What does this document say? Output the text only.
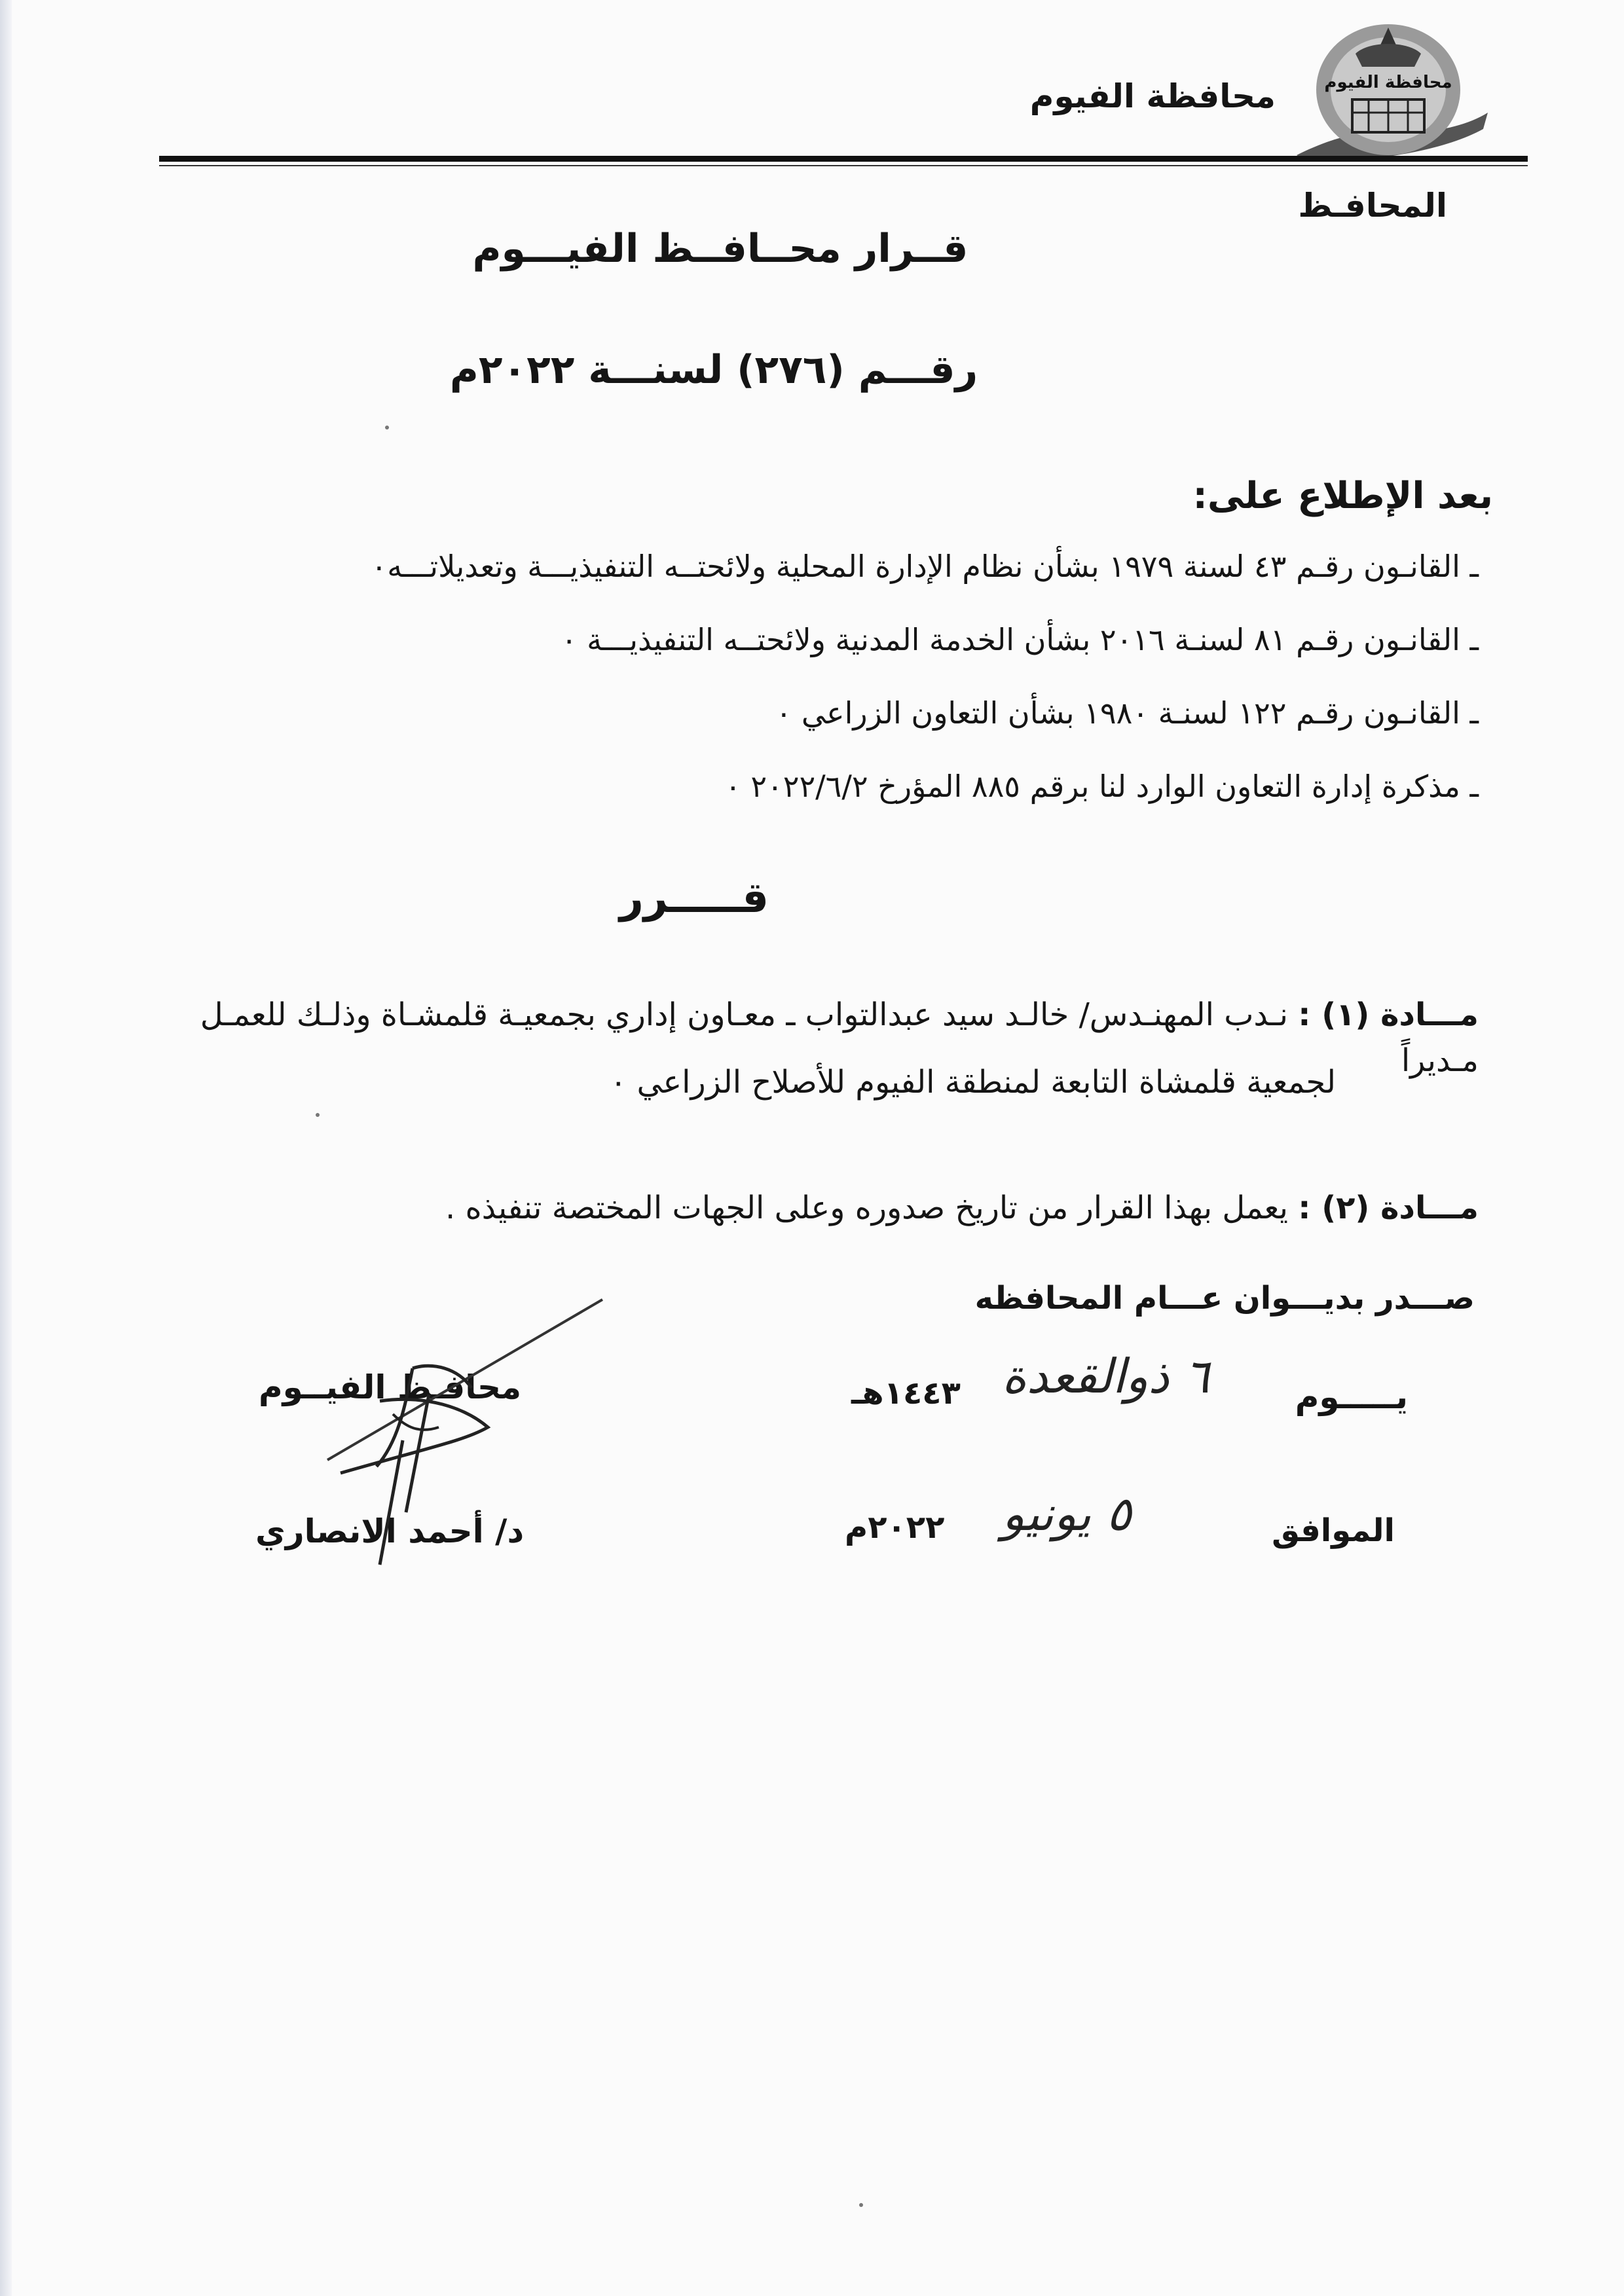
محافظة الفيوم
محافظة الفيوم
المحافـظ
قــرار محــافــظ الفيـــوم
رقـــم (٢٧٦) لسنـــة ٢٠٢٢م
بعد الإطلاع على:
ـ القانـون رقـم ٤٣ لسنة ١٩٧٩ بشأن نظام الإدارة المحلية ولائحتــه التنفيذيـــة وتعديلاتـــه٠
ـ القانـون رقـم ٨١ لسنـة ٢٠١٦ بشأن الخدمة المدنية ولائحتــه التنفيذيـــة ٠
ـ القانـون رقـم ١٢٢ لسنـة ١٩٨٠ بشأن التعاون الزراعي ٠
ـ مذكرة إدارة التعاون الوارد لنا برقم ٨٨٥ المؤرخ ٢٠٢٢/٦/٢ ٠
قـــــرر
مـــادة (١) : نـدب المهنـدس/ خالـد سيد عبدالتواب ـ معـاون إداري بجمعيـة قلمشـاة وذلـك للعمـل مـديراً
لجمعية قلمشاة التابعة لمنطقة الفيوم للأصلاح الزراعي ٠
مـــادة (٢) : يعمل بهذا القرار من تاريخ صدوره وعلى الجهات المختصة تنفيذه .
صـــدر بديـــوان عـــام المحافظه
يـــــوم
٦ ذوالقعدة
١٤٤٣هـ
الموافق
٥ يونيو
٢٠٢٢م
محافـظ الفيــوم
د/ أحمد الانصاري
